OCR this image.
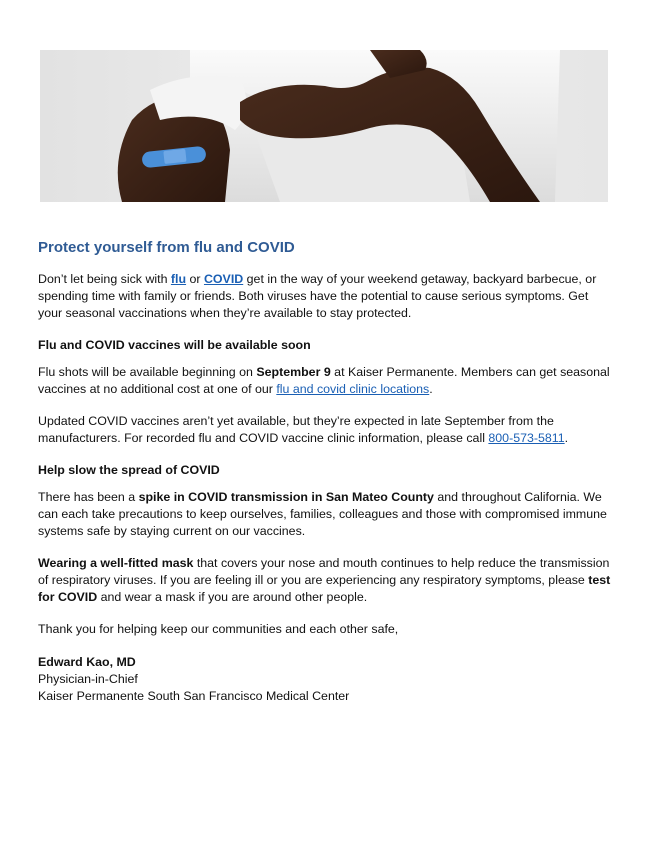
Protect yourself from flu and COVID

Don’t let being sick with flu or COVID get in the way of your weekend getaway, backyard barbecue, or spending time with family or friends. Both viruses have the potential to cause serious symptoms. Get your seasonal vaccinations when they’re available to stay protected.

Flu and COVID vaccines will be available soon

Flu shots will be available beginning on September 9 at Kaiser Permanente. Members can get seasonal vaccines at no additional cost at one of our flu and covid clinic locations.

Updated COVID vaccines aren’t yet available, but they’re expected in late September from the manufacturers. For recorded flu and COVID vaccine clinic information, please call 800-573-5811.

Help slow the spread of COVID

There has been a spike in COVID transmission in San Mateo County and throughout California. We can each take precautions to keep ourselves, families, colleagues and those with compromised immune systems safe by staying current on our vaccines.

Wearing a well-fitted mask that covers your nose and mouth continues to help reduce the transmission of respiratory viruses. If you are feeling ill or you are experiencing any respiratory symptoms, please test for COVID and wear a mask if you are around other people.

Thank you for helping keep our communities and each other safe,

Edward Kao, MD

Physician-in-Chief

Kaiser Permanente South San Francisco Medical Center
